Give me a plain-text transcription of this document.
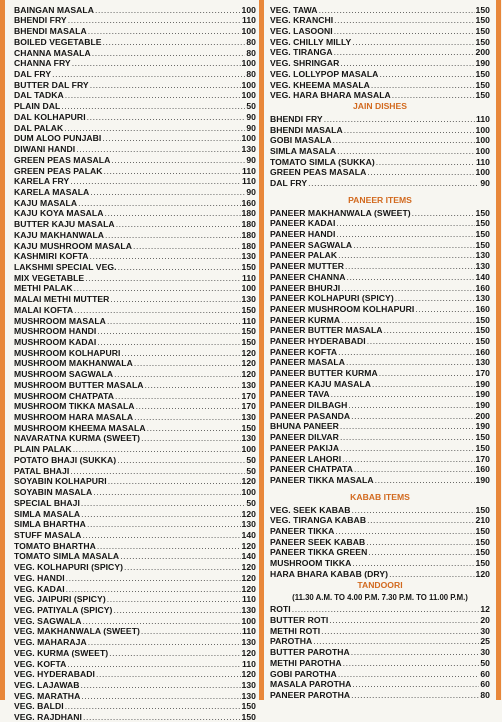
BAINGAN MASALA .....	100
BHENDI FRY .....	110
BHENDI MASALA .....	100
BOILED VEGETABLE .....	80
CHANNA MASALA .....	80
CHANNA FRY .....	100
DAL FRY .....	80
BUTTER DAL FRY .....	100
DAL TADKA .....	100
PLAIN DAL .....	50
DAL KOLHAPURI .....	90
DAL PALAK .....	90
DUM ALOO PUNJABI .....	100
DIWANI HANDI .....	130
GREEN PEAS MASALA .....	90
GREEN PEAS PALAK .....	110
KARELA FRY .....	110
KARELA MASALA .....	90
KAJU MASALA .....	160
KAJU KOYA MASALA .....	180
BUTTER KAJU MASALA .....	180
KAJU MAKHANWALA .....	180
KAJU MUSHROOM MASALA .....	180
KASHMIRI KOFTA .....	130
LAKSHMI SPECIAL VEG. .....	150
MIX VEGETABLE .....	110
METHI PALAK .....	100
MALAI METHI MUTTER .....	130
MALAI KOFTA .....	150
MUSHROOM MASALA .....	110
MUSHROOM HANDI .....	150
MUSHROOM KADAI .....	150
MUSHROOM KOLHAPURI .....	120
MUSHROOM MAKHANWALA .....	120
MUSHROOM SAGWALA .....	120
MUSHROOM BUTTER MASALA .....	130
MUSHROOM CHATPATA .....	170
MUSHROOM TIKKA MASALA .....	170
MUSHROOM HARA MASALA .....	130
MUSHROOM KHEEMA MASALA .....	150
NAVARATNA KURMA (SWEET) .....	130
PLAIN PALAK .....	100
POTATO BHAJI (SUKKA) .....	50
PATAL BHAJI .....	50
SOYABIN KOLHAPURI .....	120
SOYABIN MASALA .....	100
SPECIAL BHAJI .....	50
SIMLA MASALA .....	120
SIMLA BHARTHA .....	130
STUFF MASALA .....	140
TOMATO BHARTHA .....	120
TOMATO SIMLA MASALA .....	140
VEG. KOLHAPURI (SPICY) .....	120
VEG. HANDI .....	120
VEG. KADAI .....	120
VEG. JAIPURI (SPICY) .....	110
VEG. PATIYALA (SPICY) .....	130
VEG. SAGWALA .....	100
VEG. MAKHANWALA (SWEET) .....	110
VEG. MAHARAJA .....	130
VEG. KURMA (SWEET) .....	120
VEG. KOFTA .....	110
VEG. HYDERABADI .....	120
VEG. LAJAWAB .....	130
VEG. MARATHA .....	130
VEG. BALDI .....	150
VEG. RAJDHANI .....	150
VEG. TAWA .....	150
VEG. KRANCHI .....	150
VEG. LASOONI .....	150
VEG. CHILLY MILLY .....	150
VEG. TIRANGA .....	200
VEG. SHRINGAR .....	190
VEG. LOLLYPOP MASALA .....	150
VEG. KHEEMA MASALA .....	150
VEG. HARA BHARA MASALA .....	150
JAIN DISHES
BHENDI FRY .....	110
BHENDI MASALA .....	100
GOBI MASALA .....	100
SIMLA MASALA .....	100
TOMATO SIMLA (SUKKA) .....	110
GREEN PEAS MASALA .....	100
DAL FRY .....	90
PANEER ITEMS
PANEER MAKHANWALA (SWEET) .....	150
PANEER KADAI .....	150
PANEER HANDI .....	150
PANEER SAGWALA .....	150
PANEER PALAK .....	130
PANEER MUTTER .....	130
PANEER CHANNA .....	140
PANEER BHURJI .....	160
PANEER KOLHAPURI (SPICY) .....	130
PANEER MUSHROOM KOLHAPURI .....	160
PANEER KURMA .....	150
PANEER BUTTER MASALA .....	150
PANEER HYDERABADI .....	150
PANEER KOFTA .....	160
PANEER MASALA .....	130
PANEER BUTTER KURMA .....	170
PANEER KAJU MASALA .....	190
PANEER TAVA .....	190
PANEER DILBAGH .....	190
PANEER PASANDA .....	200
BHUNA PANEER .....	190
PANEER DILVAR .....	150
PANEER PAKIJA .....	150
PANEER LAHORI .....	170
PANEER CHATPATA .....	160
PANEER TIKKA MASALA .....	190
KABAB ITEMS
VEG. SEEK KABAB .....	150
VEG. TIRANGA KABAB .....	210
PANEER TIKKA .....	150
PANEER SEEK KABAB .....	150
PANEER TIKKA GREEN .....	150
MUSHROOM TIKKA .....	150
HARA BHARA KABAB (DRY) .....	120
TANDOORI
(11.30 A.M. TO 4.00 P.M. 7.30 P.M. TO 11.00 P.M.)
ROTI .....	12
BUTTER ROTI .....	20
METHI ROTI .....	30
PAROTHA .....	25
BUTTER PAROTHA .....	30
METHI PAROTHA .....	50
GOBI PAROTHA .....	60
MASALA PAROTHA .....	60
PANEER PAROTHA .....	80
